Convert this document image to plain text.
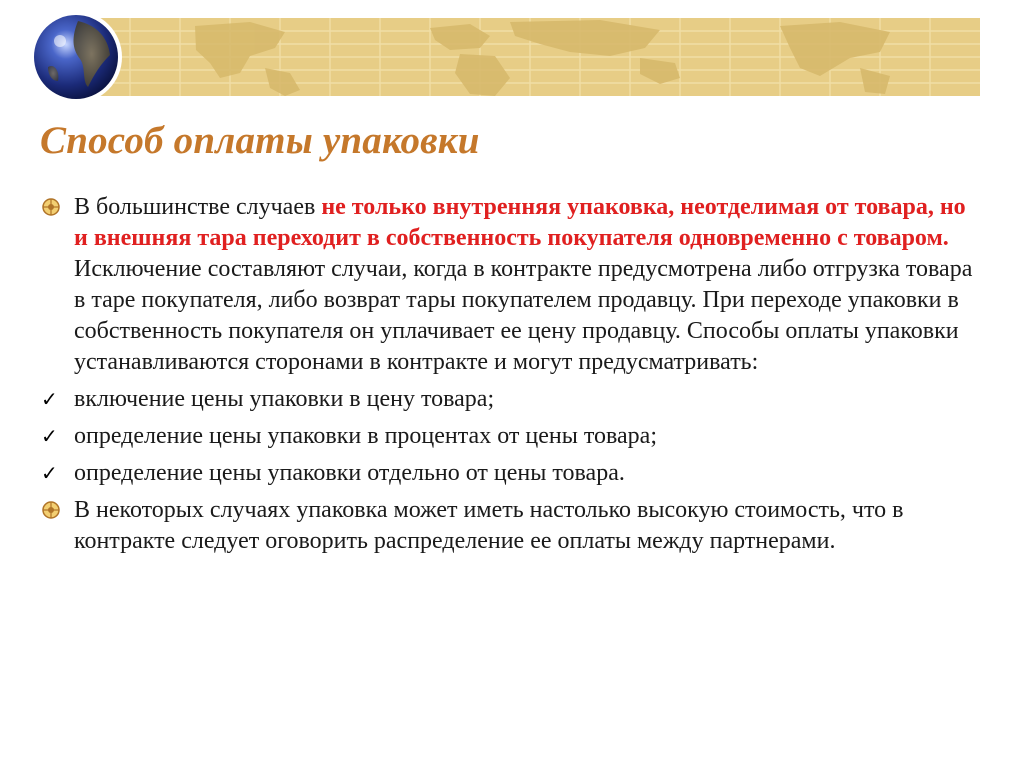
Способ оплаты упаковки
В большинстве случаев не только внутренняя упаковка, неотделимая от товара, но и внешняя тара переходит в собственность покупателя одновременно с товаром. Исключение составляют случаи, когда в контракте предусмотрена либо отгрузка товара в таре покупателя, либо возврат тары покупателем продавцу. При переходе упаковки в собственность покупателя он уплачивает ее цену продавцу. Способы оплаты упаковки устанавливаются сторонами в контракте и могут предусматривать:
✓ включение цены упаковки в цену товара;
✓ определение цены упаковки в процентах от цены товара;
✓ определение цены упаковки отдельно от цены товара.
В некоторых случаях упаковка может иметь настолько высокую стоимость, что в контракте следует оговорить распределение ее оплаты между партнерами.
